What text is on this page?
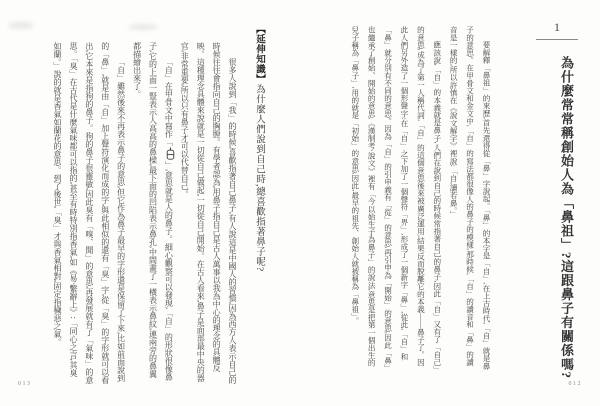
1
為什麼常常稱創始人為「鼻祖」?這跟鼻子有關係嗎?

要解釋「鼻祖」的來歷,首先還得從「鼻」字說起。「鼻」的本字是「自」,在上古時代,「自」就是鼻子的意思。在甲骨文和金文中,「自」的寫法都很像人的鼻子的模樣,那時候,「自」的讀音和「鼻」的讀音是一樣的,所以許慎在《說文解字》裡說:「自,讀若鼻。」

應該說,「自」的本義就是鼻子,人們在說到自己的時候常指著自己的鼻子,因此「自」又有了「自己」的意思,成為了第一人稱代詞,「自」的這個意思後來被廣泛運用,結果反而脫離它的本義——鼻子了。因此人們另外造了一個形聲字:在「自」之下加了一個聲符「畀」,形成了一個新字「鼻」,從此,「自」和「鼻」就分別有不同的意思。因為「自」的引申義有「從」的意思,再引申為「開始」的意思,因此「鼻」也繼承了創始、開始的意思,《漢制考‧說文》裡有「今以始生子為鼻子」的說法,意思是把第一個出生的兒子稱為「鼻子」,用的就是「初始」的意思,因此,最早的祖先、創始人就被稱為「鼻祖」。

012
【延伸知識】為什麼人們說到自己時,總喜歡指著鼻子呢?

很多人說到「我」的時候,喜歡指著自己鼻子,有人說這是中國人的習慣,因為西方人表示自己的時候往往會指向自己的胸膛。有學者認為,用鼻子指自己是古人萬事以我為中心的理念的具體反映。這種理念具體來說就是一切從自己做起,一切從自己開始。在古人看來,鼻子是面部最中央的器官,非常重要,所以只有鼻子才可以代替自己。

「自」在甲骨文中寫作「」,意思就是人的鼻子。細心觀察可以發現,「自」的形狀很像鼻子,它的上面一豎表示人高高的鼻樑,最下面的凹陷表示鼻孔,中間畫了一橫表示鼻紋,連兩旁的鼻翼都描繪出來了。

「自」雖然後來不再表示鼻子的意思,但它作為鼻子最早的字形還是保留了下來,比如前面說到的「鼻」,就是由「自」加上聲符演化而成的字,與此相似的還有「臭」字,從「臭」的字形就可以看出,它本來是指狗的鼻子。狗的鼻子很靈敏,因此臭有「嗅、聞」的意思,再發展就有了「氣味」的意思。「臭」在古代是什麼氣味都可以指的,甚至有時特別指香氣,如《易‧繫辭上》:「同心之言,其臭如蘭。」說的就是香氣如蘭花的意思。到了後世,「臭」才與香氣相對,固定指穢惡之氣。

013
